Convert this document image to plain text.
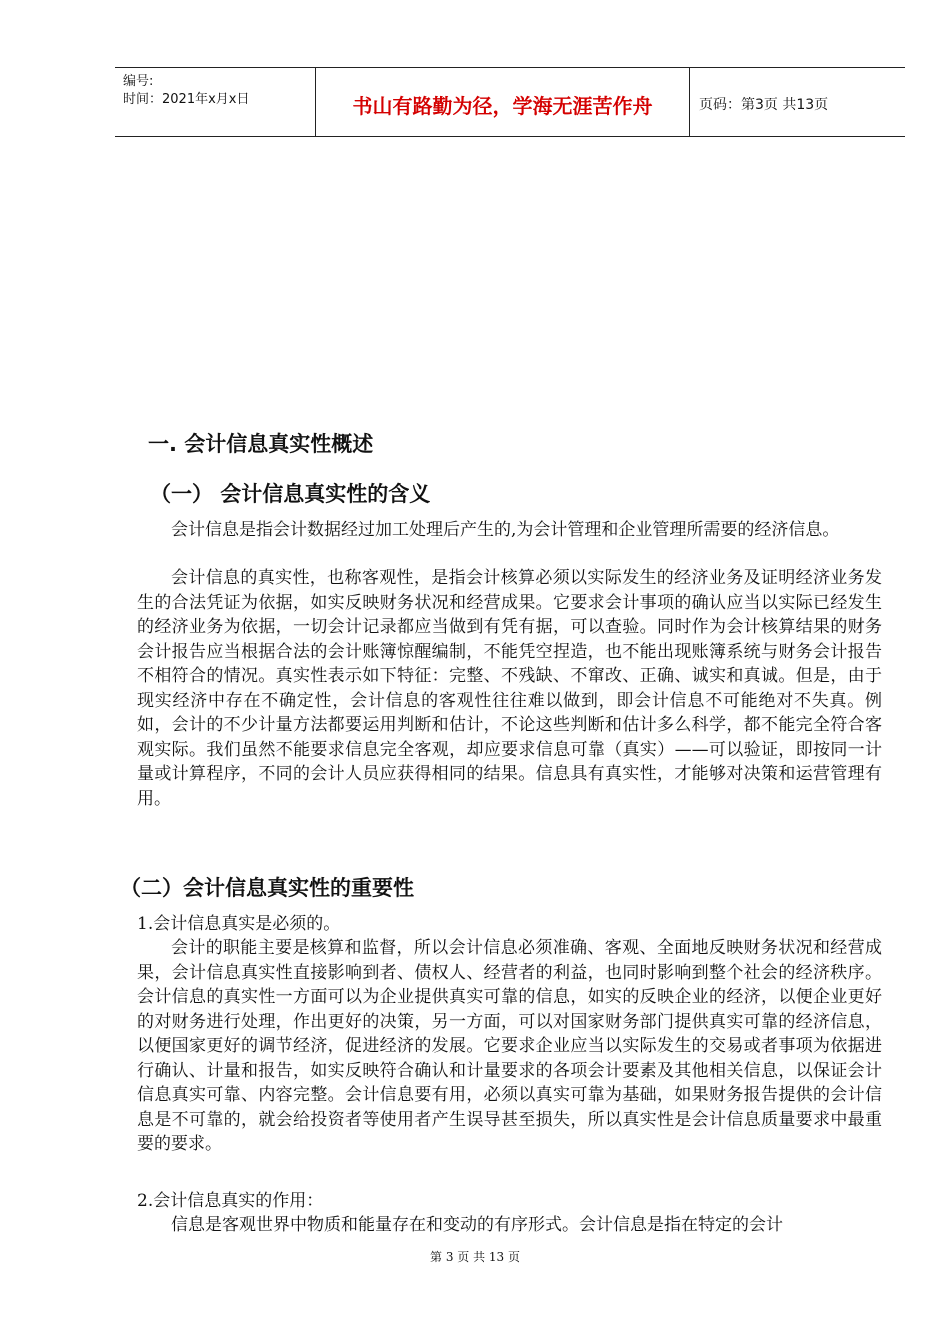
编号:
时间：2021年x月x日	书山有路勤为径，学海无涯苦作舟	页码：第3页 共13页
一. 会计信息真实性概述
（一） 会计信息真实性的含义

会计信息是指会计数据经过加工处理后产生的,为会计管理和企业管理所需要的经济信息。

会计信息的真实性，也称客观性，是指会计核算必须以实际发生的经济业务及证明经济业务发生的合法凭证为依据，如实反映财务状况和经营成果。它要求会计事项的确认应当以实际已经发生的经济业务为依据，一切会计记录都应当做到有凭有据，可以查验。同时作为会计核算结果的财务会计报告应当根据合法的会计账簿惊醒编制，不能凭空捏造，也不能出现账簿系统与财务会计报告不相符合的情况。真实性表示如下特征：完整、不残缺、不窜改、正确、诚实和真诚。但是，由于现实经济中存在不确定性，会计信息的客观性往往难以做到，即会计信息不可能绝对不失真。例如，会计的不少计量方法都要运用判断和估计，不论这些判断和估计多么科学，都不能完全符合客观实际。我们虽然不能要求信息完全客观，却应要求信息可靠（真实）——可以验证，即按同一计量或计算程序，不同的会计人员应获得相同的结果。信息具有真实性，才能够对决策和运营管理有用。

（二）会计信息真实性的重要性
1.会计信息真实是必须的。

会计的职能主要是核算和监督，所以会计信息必须准确、客观、全面地反映财务状况和经营成果，会计信息真实性直接影响到者、债权人、经营者的利益，也同时影响到整个社会的经济秩序。会计信息的真实性一方面可以为企业提供真实可靠的信息，如实的反映企业的经济，以便企业更好的对财务进行处理，作出更好的决策，另一方面，可以对国家财务部门提供真实可靠的经济信息，以便国家更好的调节经济，促进经济的发展。它要求企业应当以实际发生的交易或者事项为依据进行确认、计量和报告，如实反映符合确认和计量要求的各项会计要素及其他相关信息，以保证会计信息真实可靠、内容完整。会计信息要有用，必须以真实可靠为基础，如果财务报告提供的会计信息是不可靠的，就会给投资者等使用者产生误导甚至损失，所以真实性是会计信息质量要求中最重要的要求。

2.会计信息真实的作用：

信息是客观世界中物质和能量存在和变动的有序形式。会计信息是指在特定的会计

第 3 页 共 13 页
